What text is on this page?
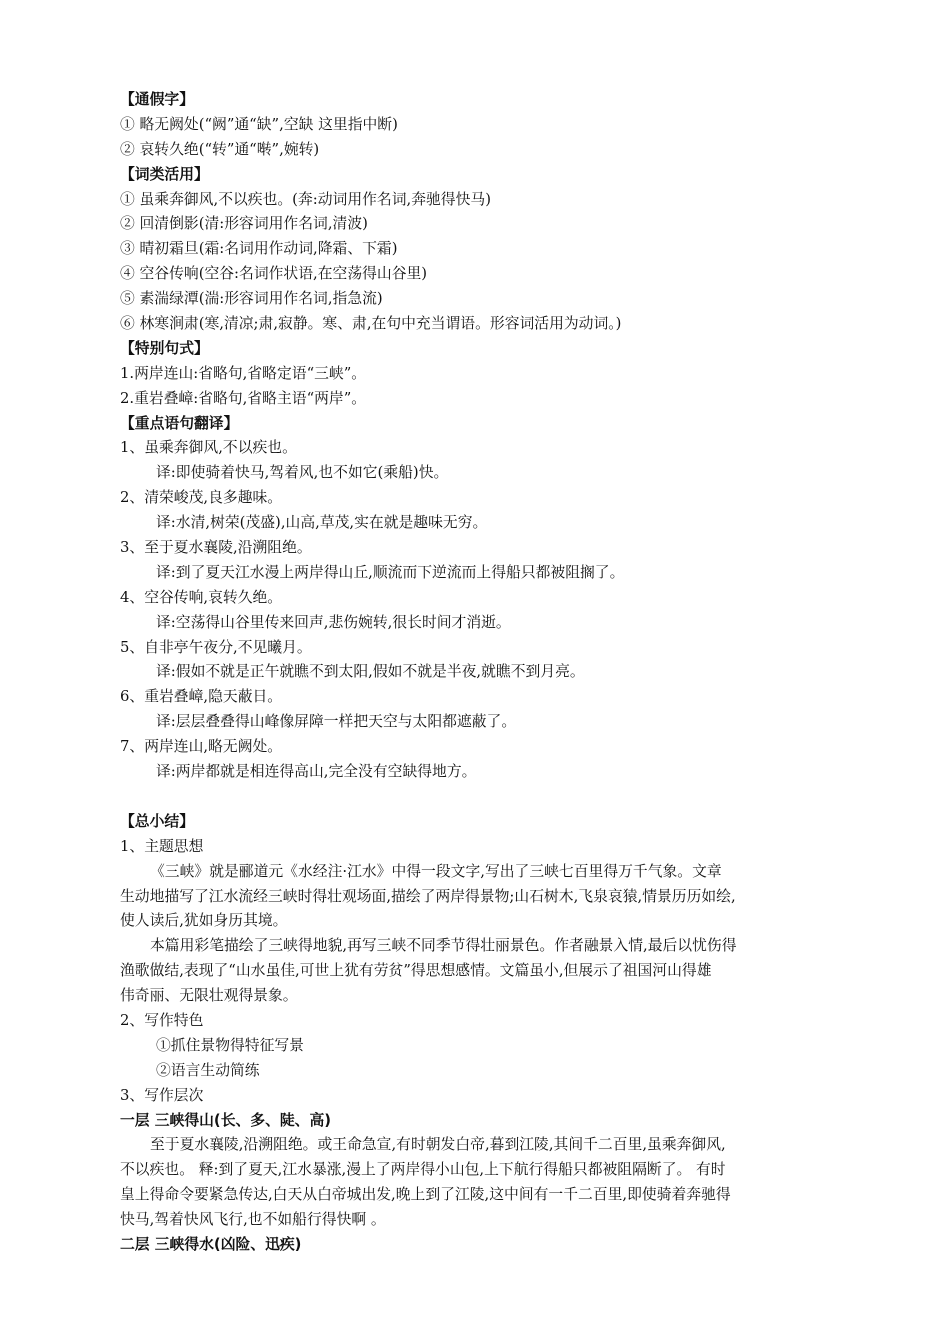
【通假字】
① 略无阙处(“阙”通“缺”,空缺 这里指中断)
② 哀转久绝(“转”通“啭”,婉转)
【词类活用】
① 虽乘奔御风,不以疾也。(奔:动词用作名词,奔驰得快马)
② 回清倒影(清:形容词用作名词,清波)
③ 晴初霜旦(霜:名词用作动词,降霜、下霜)
④ 空谷传响(空谷:名词作状语,在空荡得山谷里)
⑤ 素湍绿潭(湍:形容词用作名词,指急流)
⑥ 林寒涧肃(寒,清凉;肃,寂静。寒、肃,在句中充当谓语。形容词活用为动词。)
【特别句式】
1.两岸连山:省略句,省略定语“三峡”。
2.重岩叠嶂:省略句,省略主语“两岸”。
【重点语句翻译】
1、虽乘奔御风,不以疾也。
译:即使骑着快马,驾着风,也不如它(乘船)快。
2、清荣峻茂,良多趣味。
译:水清,树荣(茂盛),山高,草茂,实在就是趣味无穷。
3、至于夏水襄陵,沿溯阻绝。
译:到了夏天江水漫上两岸得山丘,顺流而下逆流而上得船只都被阻搁了。
4、空谷传响,哀转久绝。
译:空荡得山谷里传来回声,悲伤婉转,很长时间才消逝。
5、自非亭午夜分,不见曦月。
译:假如不就是正午就瞧不到太阳,假如不就是半夜,就瞧不到月亮。
6、重岩叠嶂,隐天蔽日。
译:层层叠叠得山峰像屏障一样把天空与太阳都遮蔽了。
7、两岸连山,略无阙处。
译:两岸都就是相连得高山,完全没有空缺得地方。
【总小结】
1、主题思想
《三峡》就是郦道元《水经注·江水》中得一段文字,写出了三峡七百里得万千气象。文章
生动地描写了江水流经三峡时得壮观场面,描绘了两岸得景物;山石树木,飞泉哀猿,情景历历如绘,
使人读后,犹如身历其境。
本篇用彩笔描绘了三峡得地貌,再写三峡不同季节得壮丽景色。作者融景入情,最后以忧伤得
渔歌做结,表现了“山水虽佳,可世上犹有劳贫”得思想感情。文篇虽小,但展示了祖国河山得雄
伟奇丽、无限壮观得景象。
2、写作特色
①抓住景物得特征写景
②语言生动简练
3、写作层次
一层 三峡得山(长、多、陡、高)
至于夏水襄陵,沿溯阻绝。或王命急宣,有时朝发白帝,暮到江陵,其间千二百里,虽乘奔御风,
不以疾也。 释:到了夏天,江水暴涨,漫上了两岸得小山包,上下航行得船只都被阻隔断了。 有时
皇上得命令要紧急传达,白天从白帝城出发,晚上到了江陵,这中间有一千二百里,即使骑着奔驰得
快马,驾着快风飞行,也不如船行得快啊 。
二层 三峡得水(凶险、迅疾)
